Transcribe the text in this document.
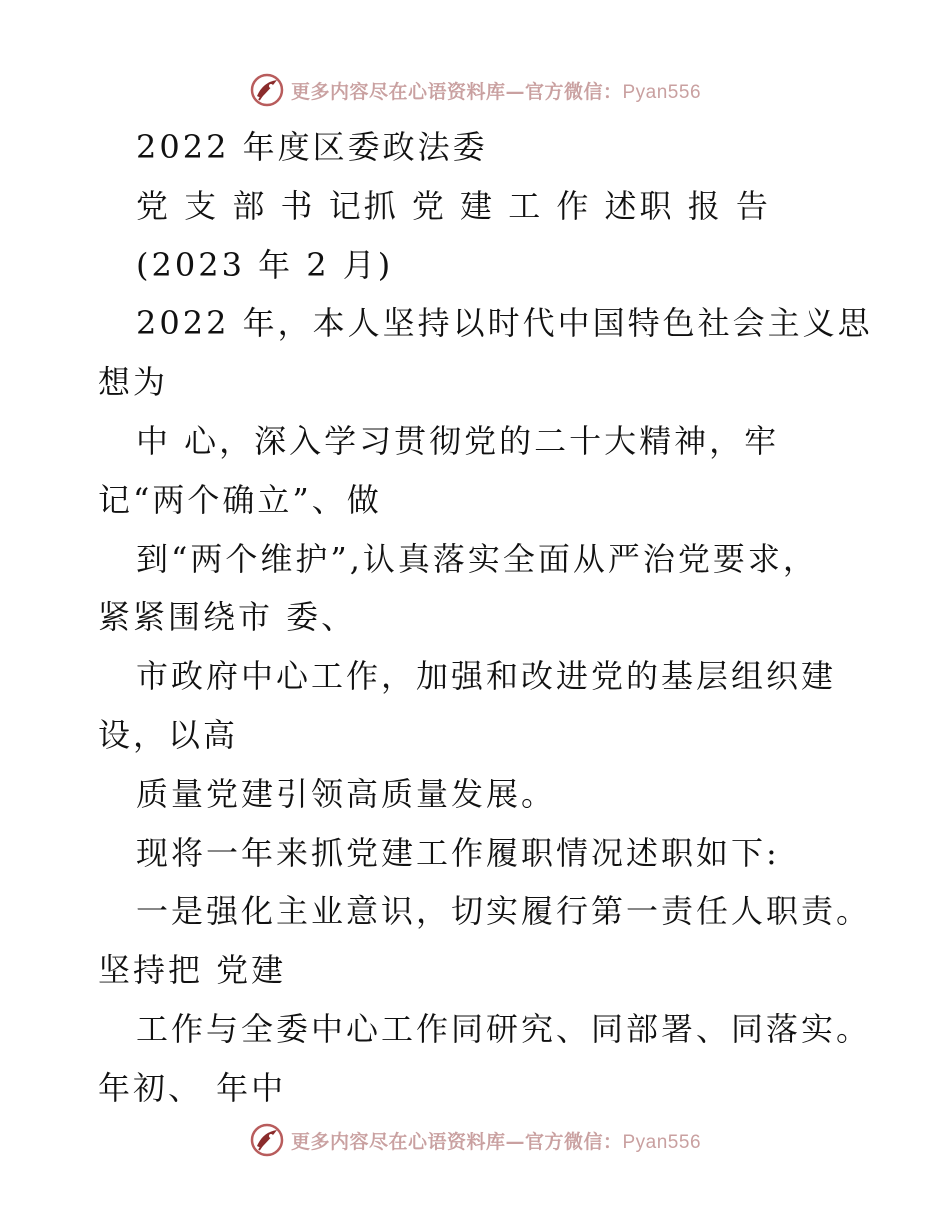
更多内容尽在心语资料库—官方微信：Pyan556
2022 年度区委政法委
党 支 部 书 记抓 党 建 工 作 述职 报 告
(2023 年 2 月)
2022 年，本人坚持以时代中国特色社会主义思
想为
中 心，深入学习贯彻党的二十大精神，牢
记“两个确立”、做
到“两个维护”,认真落实全面从严治党要求，
紧紧围绕市 委、
市政府中心工作，加强和改进党的基层组织建
设，以高
质量党建引领高质量发展。
现将一年来抓党建工作履职情况述职如下:
一是强化主业意识，切实履行第一责任人职责。
坚持把 党建
工作与全委中心工作同研究、同部署、同落实。
年初、 年中
更多内容尽在心语资料库—官方微信：Pyan556
